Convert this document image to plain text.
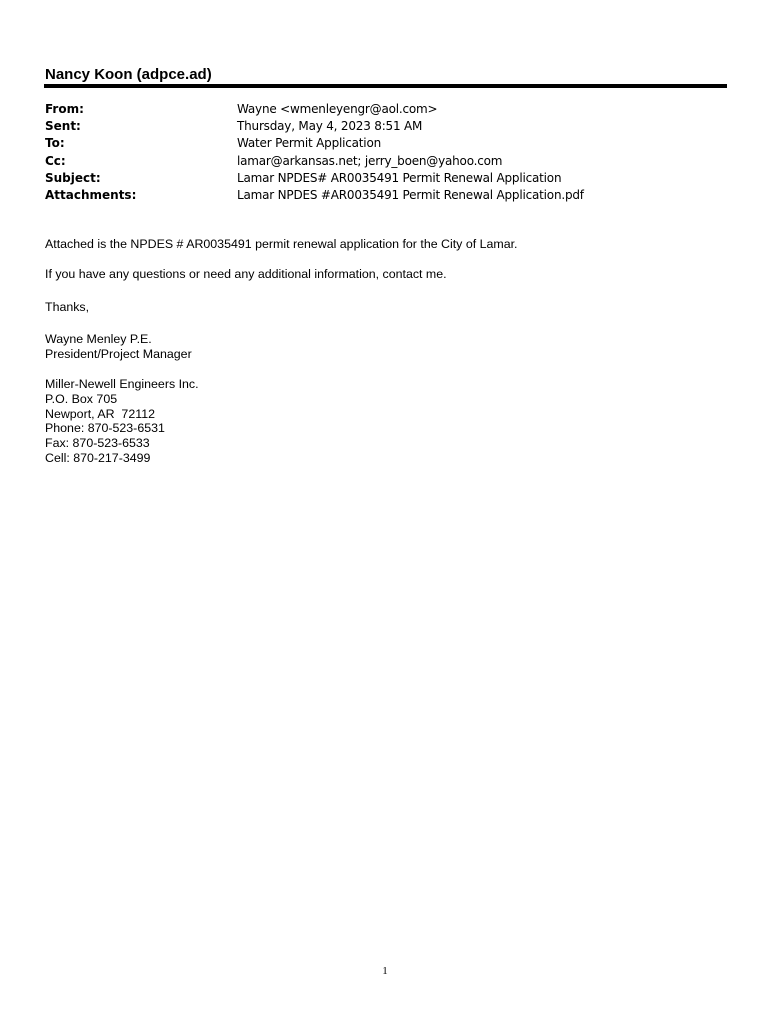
Nancy Koon (adpce.ad)
From:	Wayne <wmenleyengr@aol.com>
Sent:	Thursday, May 4, 2023 8:51 AM
To:	Water Permit Application
Cc:	lamar@arkansas.net; jerry_boen@yahoo.com
Subject:	Lamar NPDES# AR0035491 Permit Renewal Application
Attachments:	Lamar NPDES #AR0035491 Permit Renewal Application.pdf

Attached is the NPDES # AR0035491 permit renewal application for the City of Lamar.

If you have any questions or need any additional information, contact me.

Thanks,

Wayne Menley P.E.

President/Project Manager

Miller-Newell Engineers Inc.

P.O. Box 705

Newport, AR  72112

Phone: 870-523-6531

Fax: 870-523-6533

Cell: 870-217-3499

1
